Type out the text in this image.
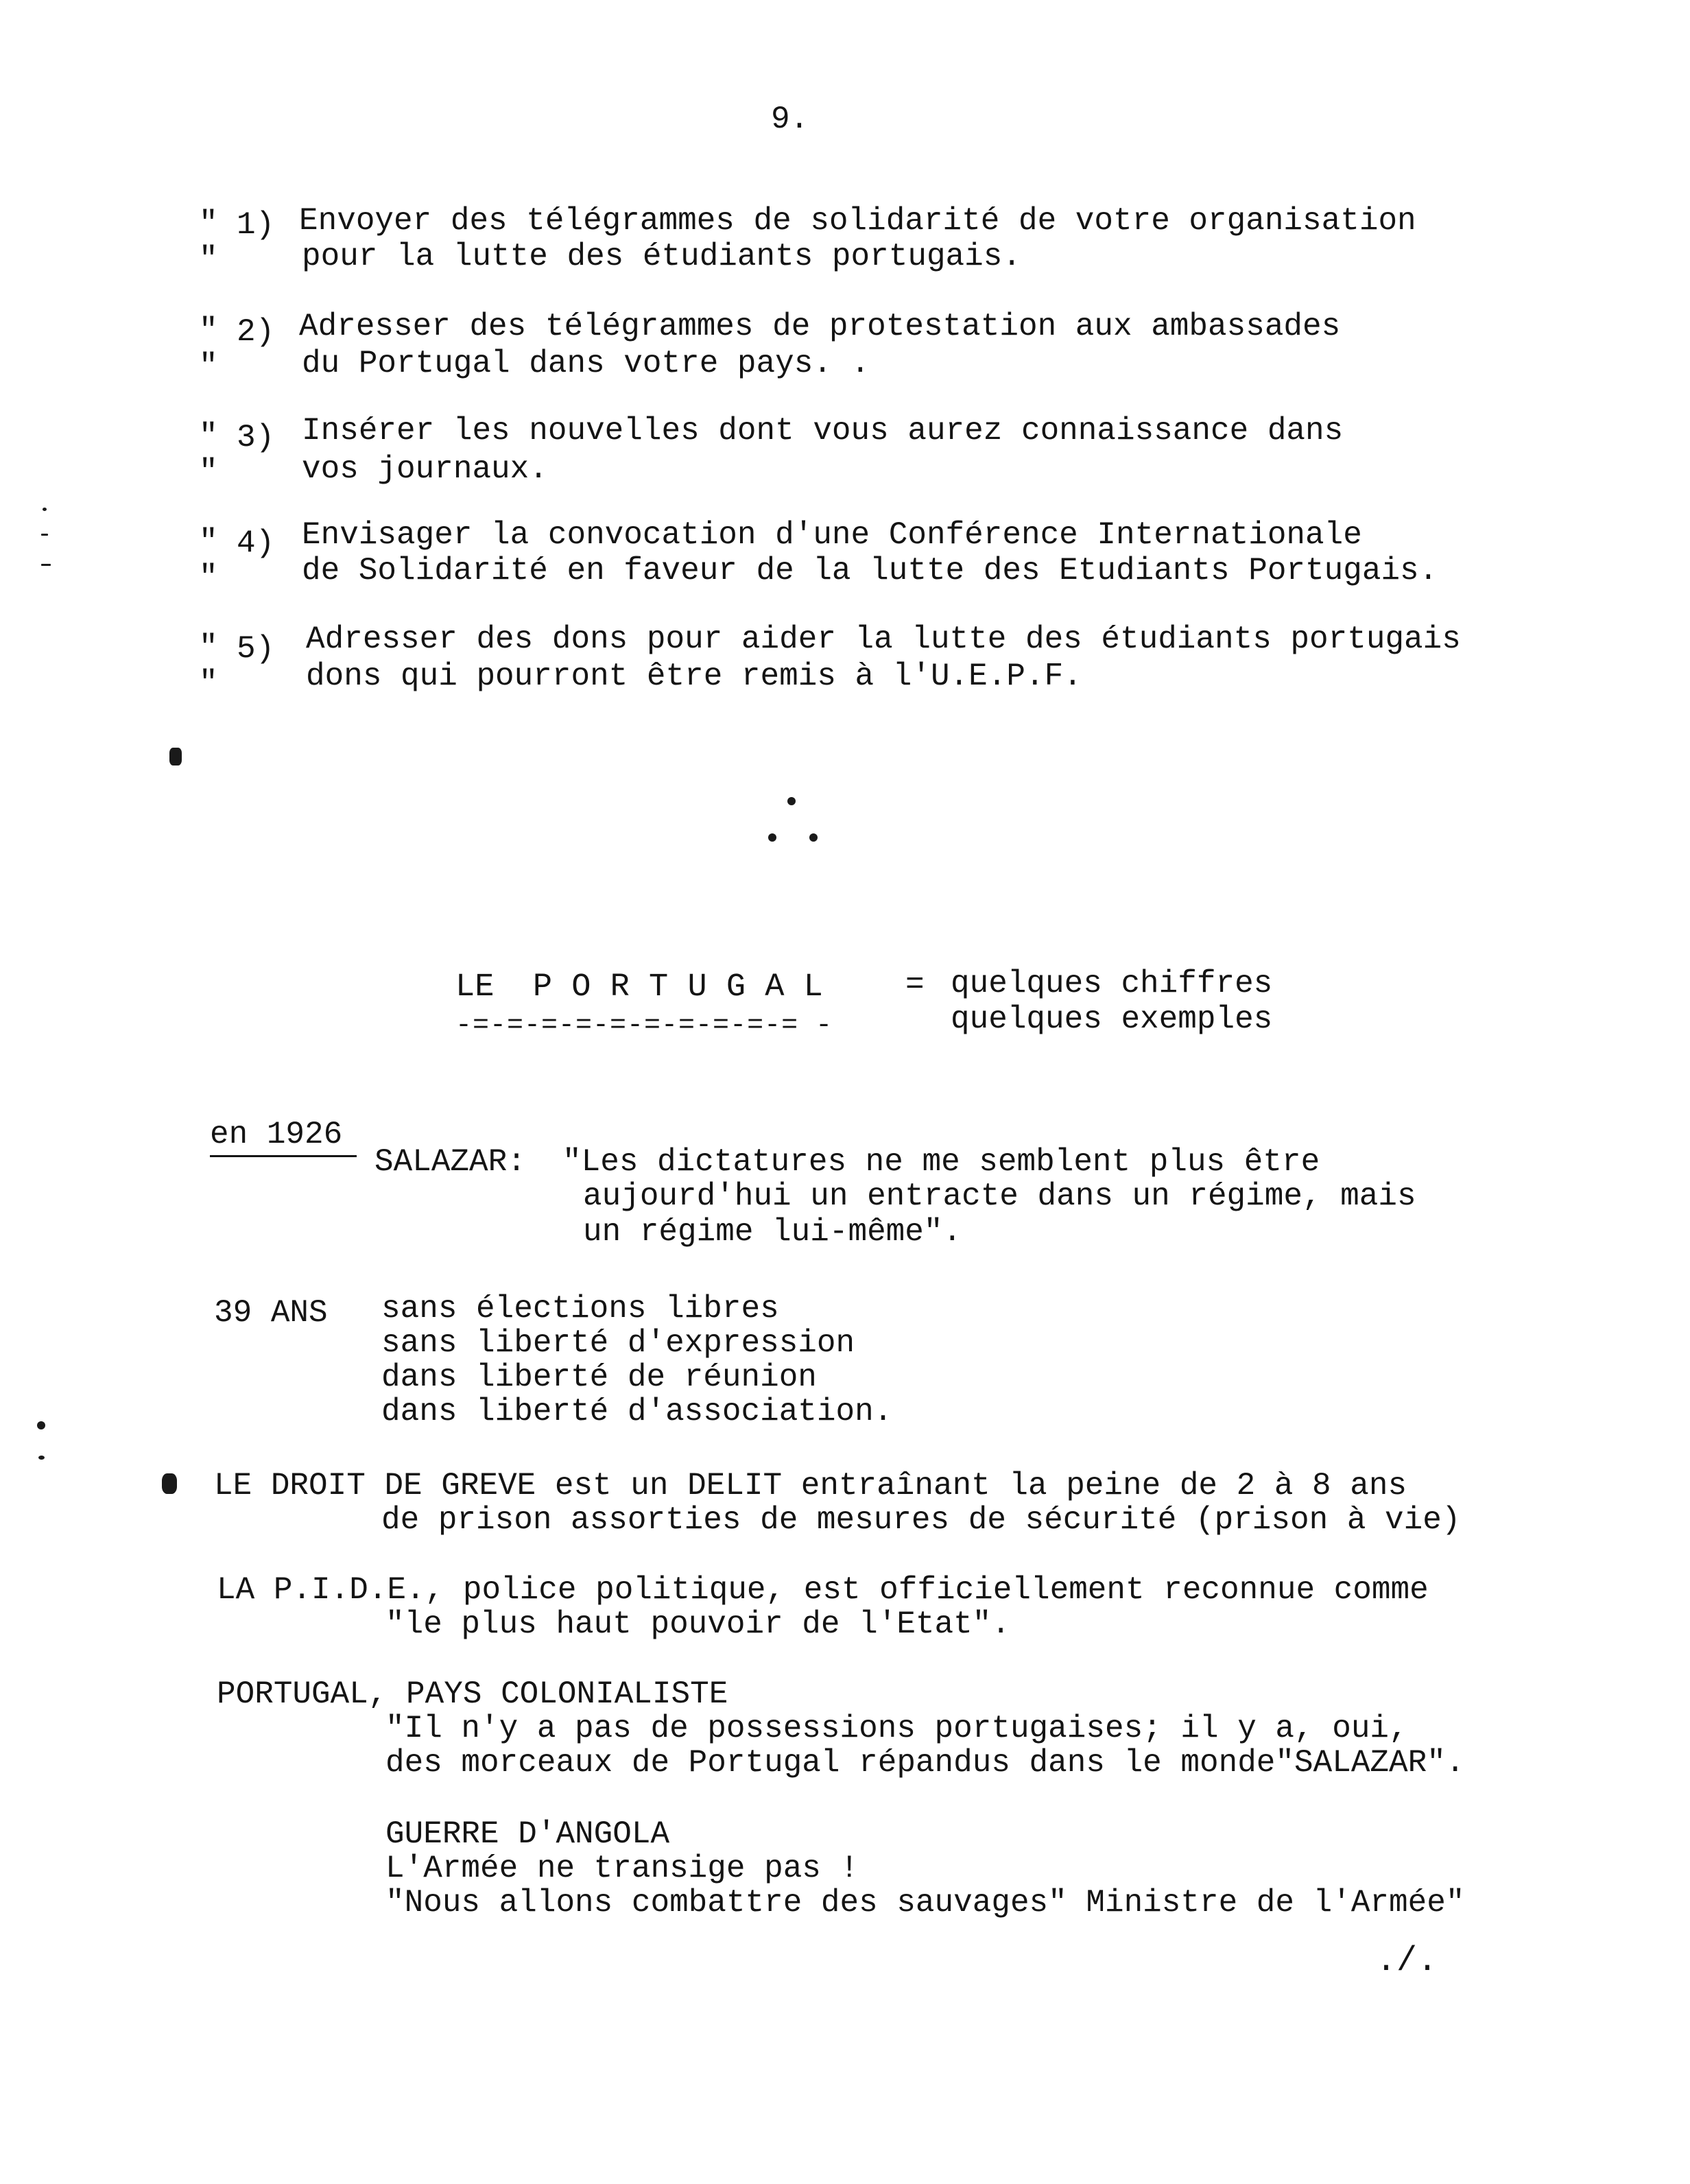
9.
" 1) Envoyer des télégrammes de solidarité de votre organisation
"	pour la lutte des étudiants portugais.
" 2) Adresser des télégrammes de protestation aux ambassades
"	du Portugal dans votre pays. .
" 3) Insérer les nouvelles dont vous aurez connaissance dans
"	vos journaux.
" 4) Envisager la convocation d'une Conférence Internationale
"	de Solidarité en faveur de la lutte des Etudiants Portugais.
" 5) Adresser des dons pour aider la lutte des étudiants portugais
"	dons qui pourront être remis à l'U.E.P.F.
LE  P O R T U G A L
-=-=-=-=-=-=-=-=-=-= -
= quelques chiffres
quelques exemples
en 1926
SALAZAR: "Les dictatures ne me semblent plus être
aujourd'hui un entracte dans un régime, mais
un régime lui-même".
39 ANS sans élections libres
sans liberté d'expression
dans liberté de réunion
dans liberté d'association.
LE DROIT DE GREVE est un DELIT entraînant la peine de 2 à 8 ans
de prison assorties de mesures de sécurité (prison à vie)
LA P.I.D.E., police politique, est officiellement reconnue comme
"le plus haut pouvoir de l'Etat".
PORTUGAL, PAYS COLONIALISTE
"Il n'y a pas de possessions portugaises; il y a, oui,
des morceaux de Portugal répandus dans le monde"SALAZAR".
GUERRE D'ANGOLA
L'Armée ne transige pas !
"Nous allons combattre des sauvages" Ministre de l'Armée"
./.
